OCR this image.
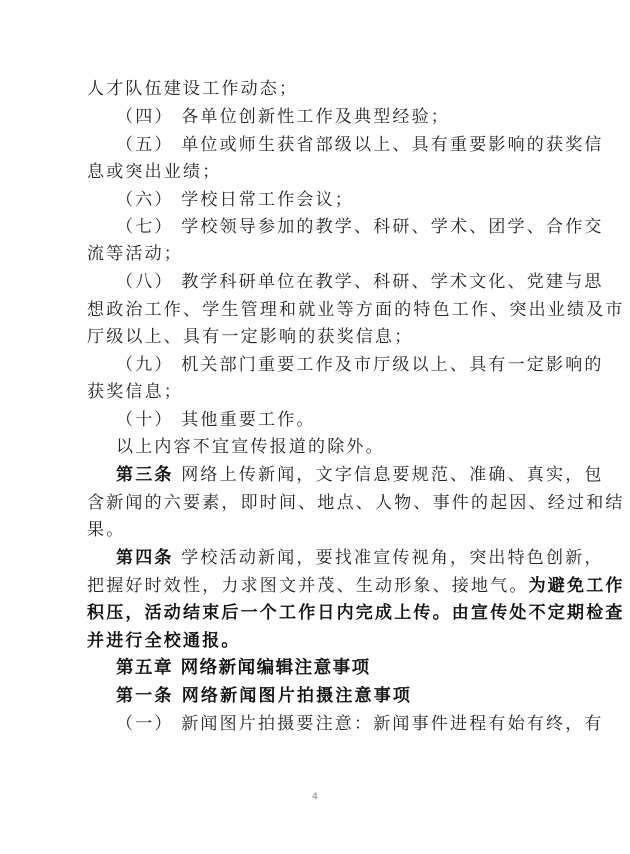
人才队伍建设工作动态；
（四） 各单位创新性工作及典型经验；
（五） 单位或师生获省部级以上、具有重要影响的获奖信
息或突出业绩；
（六） 学校日常工作会议；
（七） 学校领导参加的教学、科研、学术、团学、合作交
流等活动；
（八） 教学科研单位在教学、科研、学术文化、党建与思
想政治工作、学生管理和就业等方面的特色工作、突出业绩及市
厅级以上、具有一定影响的获奖信息；
（九） 机关部门重要工作及市厅级以上、具有一定影响的
获奖信息；
（十） 其他重要工作。
以上内容不宜宣传报道的除外。
第三条 网络上传新闻，文字信息要规范、准确、真实，包
含新闻的六要素，即时间、地点、人物、事件的起因、经过和结
果。
第四条 学校活动新闻，要找准宣传视角，突出特色创新，
把握好时效性，力求图文并茂、生动形象、接地气。为避免工作
积压，活动结束后一个工作日内完成上传。由宣传处不定期检查
并进行全校通报。
第五章 网络新闻编辑注意事项
第一条 网络新闻图片拍摄注意事项
（一） 新闻图片拍摄要注意：新闻事件进程有始有终，有
4
